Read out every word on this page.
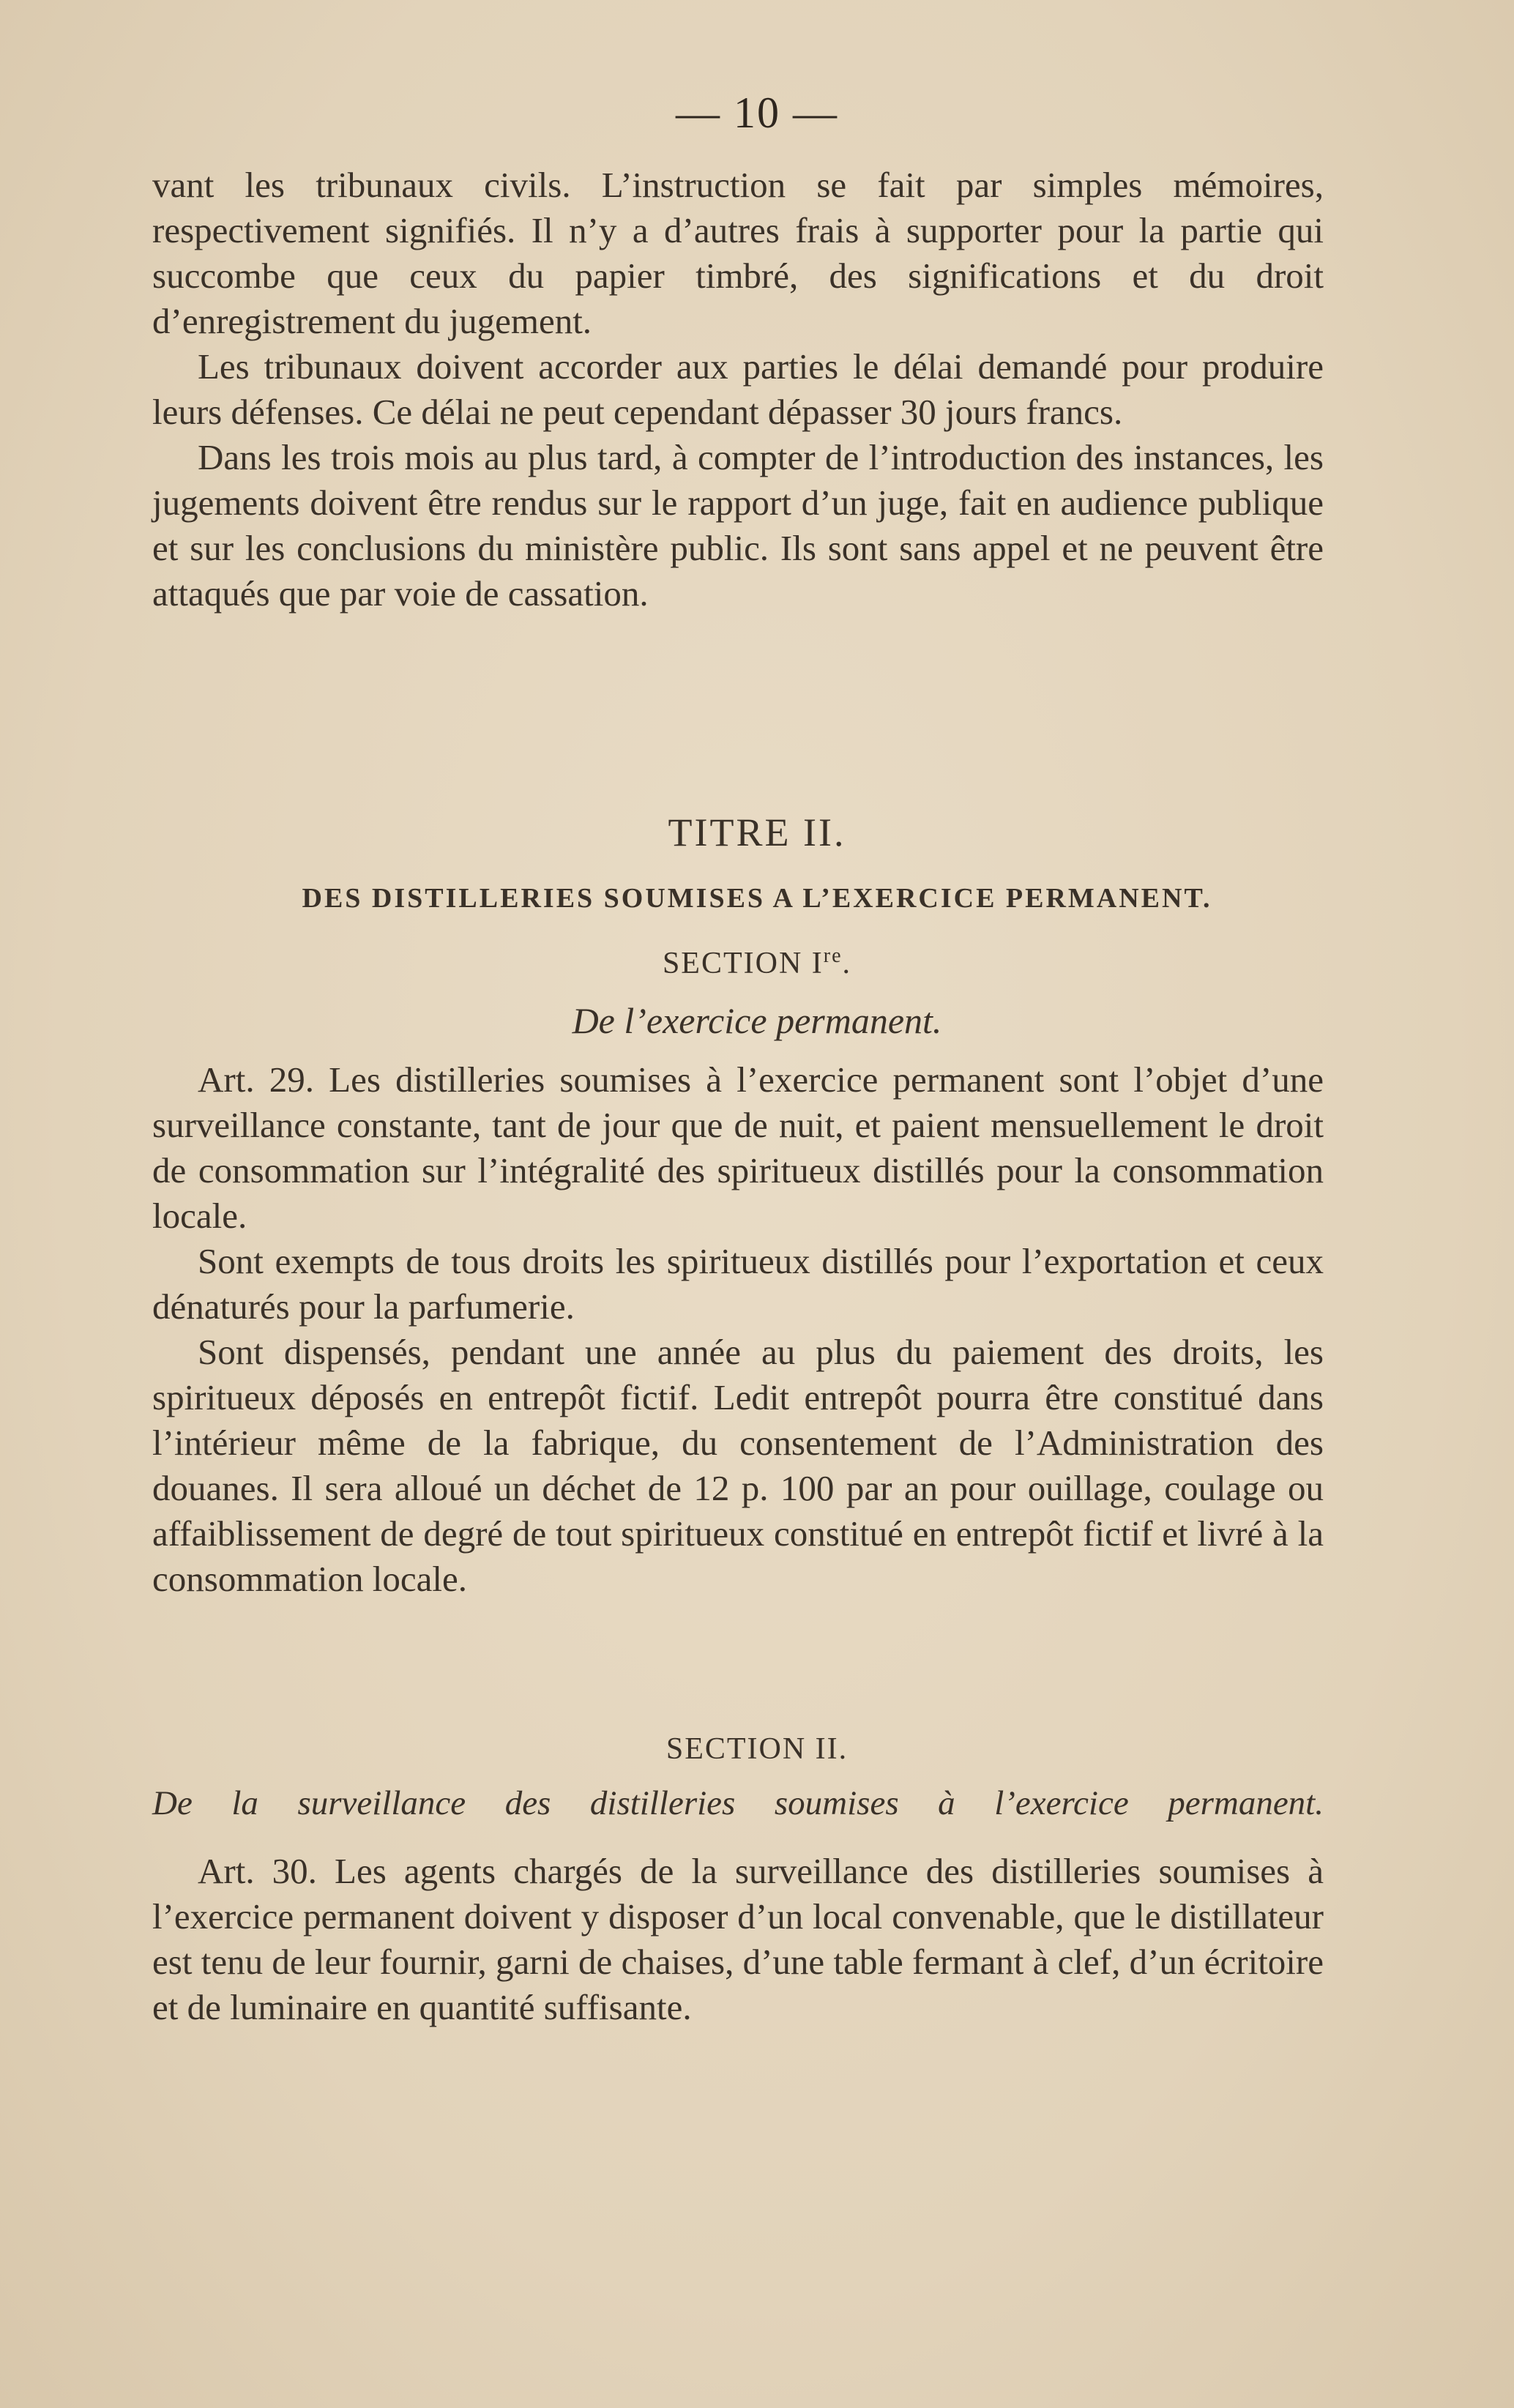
— 10 —

vant les tribunaux civils. L’instruction se fait par simples mémoires, respectivement signifiés. Il n’y a d’autres frais à supporter pour la partie qui succombe que ceux du papier timbré, des significations et du droit d’enregistrement du jugement.

Les tribunaux doivent accorder aux parties le délai demandé pour produire leurs défenses. Ce délai ne peut cependant dépasser 30 jours francs.

Dans les trois mois au plus tard, à compter de l’introduction des instances, les jugements doivent être rendus sur le rapport d’un juge, fait en audience publique et sur les conclusions du ministère public. Ils sont sans appel et ne peuvent être attaqués que par voie de cassation.

TITRE II.
DES DISTILLERIES SOUMISES A L’EXERCICE PERMANENT.
SECTION Ire.
De l’exercice permanent.

Art. 29. Les distilleries soumises à l’exercice permanent sont l’objet d’une surveillance constante, tant de jour que de nuit, et paient mensuellement le droit de consommation sur l’intégralité des spiritueux distillés pour la consommation locale.

Sont exempts de tous droits les spiritueux distillés pour l’exportation et ceux dénaturés pour la parfumerie.

Sont dispensés, pendant une année au plus du paiement des droits, les spiritueux déposés en entrepôt fictif. Ledit entrepôt pourra être constitué dans l’intérieur même de la fabrique, du consentement de l’Administration des douanes. Il sera alloué un déchet de 12 p. 100 par an pour ouillage, coulage ou affaiblissement de degré de tout spiritueux constitué en entrepôt fictif et livré à la consommation locale.

SECTION II.
De la surveillance des distilleries soumises à l’exercice permanent.

Art. 30. Les agents chargés de la surveillance des distilleries soumises à l’exercice permanent doivent y disposer d’un local convenable, que le distillateur est tenu de leur fournir, garni de chaises, d’une table fermant à clef, d’un écritoire et de luminaire en quantité suffisante.
